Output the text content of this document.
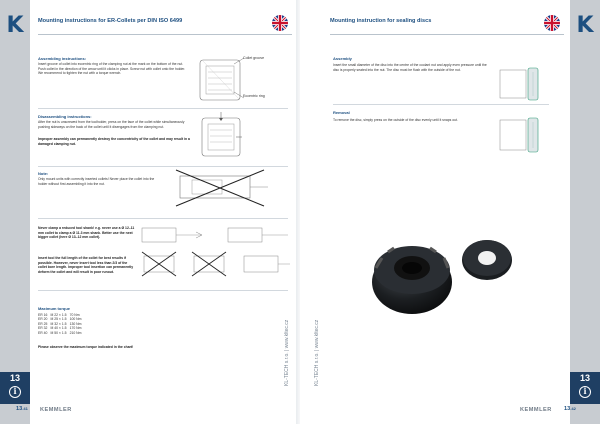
K	Mounting instructions for ER-Collets per DIN ISO 6499
Assembling instructions:
Insert groove of collet into eccentric ring of the clamping nut at the mark on the bottom of the nut. Push collet in the direction of the arrow until it clicks in place. Screw nut with collet onto the holder. We recommend to tighten the nut with a torque wrench.
Collet groove
Eccentric ring
Disassembling instructions:
After the nut is unscrewed from the toolholder, press on the face of the collet while simultaneously pushing sideways on the back of the collet until it disengages from the clamping nut.
Improper assembly can permanently destroy the concentricity of the collet and may result in a damaged clamping nut.
Note:
Only mount units with correctly inserted collets! Never place the collet into the holder without first assembling it into the nut.
Never clamp a reduced tool shank! e.g. never use a Ø 12–11 mm collet to clamp a Ø 11.3 mm shank. Better use the next bigger collet (here Ø 13–12 mm collet).
Insert tool the full length of the collet for best results if possible. However, never insert tool less than 2/3 of the collet bore length. Improper tool insertion can permanently deform the collet and will result in poor runout.
Maximum torque
ER 16	M 22 × 1.5	70 Nm
ER 20	M 25 × 1.5	100 Nm
ER 25	M 32 × 1.5	130 Nm
ER 32	M 40 × 1.5	170 Nm
ER 40	M 50 × 1.5	210 Nm
Please observe the maximum torque indicated in the chart!	KL-TECH s.r.o. | www.kltec.cz
13
i
13.41 KEMMLER
K
Mounting instruction for sealing discs
Assembly
Insert the small diameter of the disc into the centre of the coolant nut and apply even pressure until the disc is properly seated into the nut. The disc must be flush with the outside of the nut.
Removal
To remove the disc, simply press on the outside of the disc evenly until it snaps out.
KL-TECH s.r.o. | www.kltec.cz	13
i
KEMMLER 13.42
